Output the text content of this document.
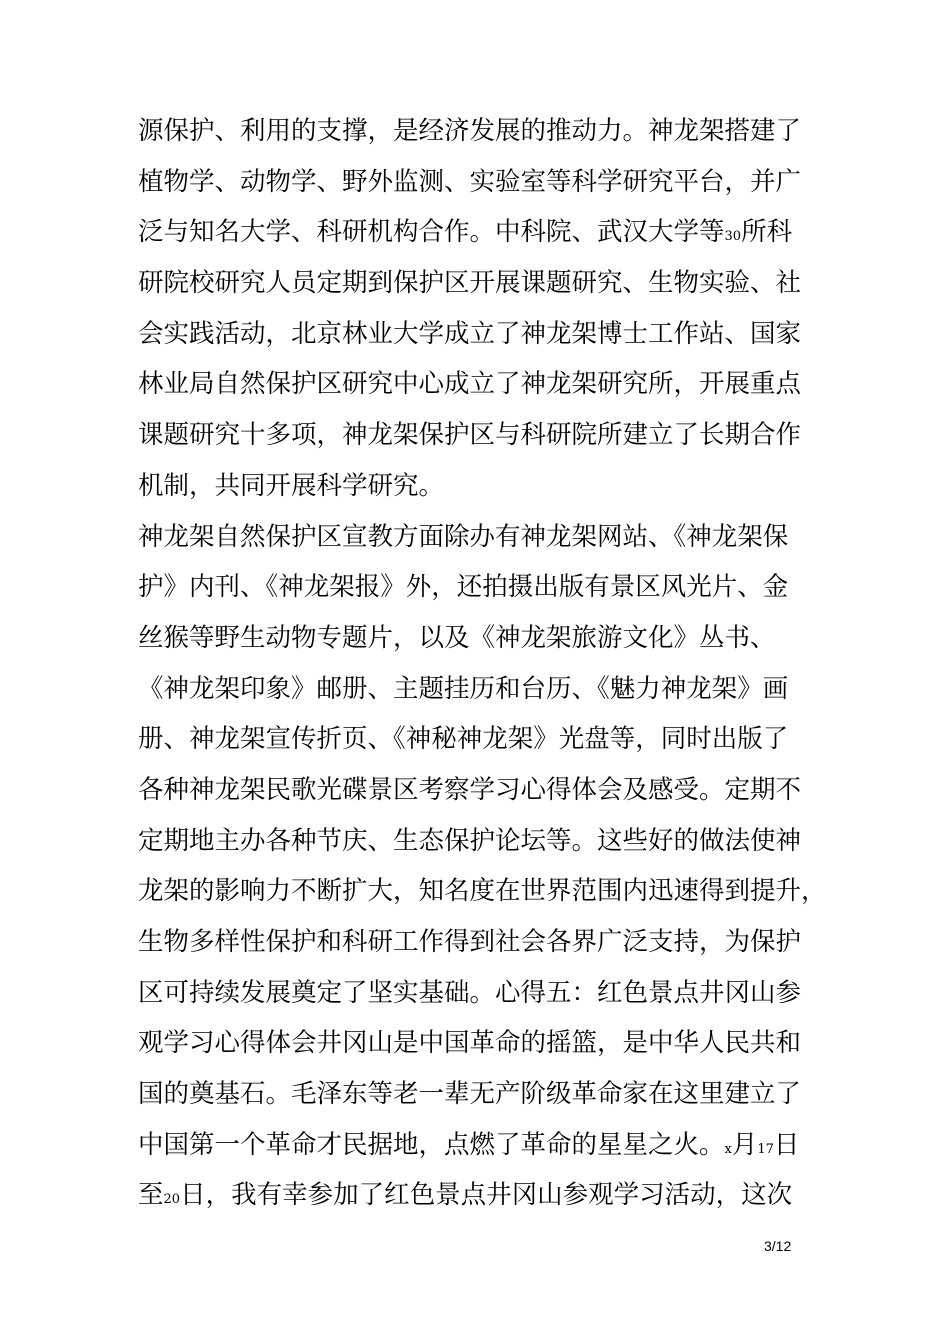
源保护、利用的支撑，是经济发展的推动力。神龙架搭建了
植物学、动物学、野外监测、实验室等科学研究平台，并广
泛与知名大学、科研机构合作。中科院、武汉大学等30所科
研院校研究人员定期到保护区开展课题研究、生物实验、社
会实践活动，北京林业大学成立了神龙架博士工作站、国家
林业局自然保护区研究中心成立了神龙架研究所，开展重点
课题研究十多项，神龙架保护区与科研院所建立了长期合作
机制，共同开展科学研究。
神龙架自然保护区宣教方面除办有神龙架网站、《神龙架保
护》内刊、《神龙架报》外，还拍摄出版有景区风光片、金
丝猴等野生动物专题片，以及《神龙架旅游文化》丛书、
《神龙架印象》邮册、主题挂历和台历、《魅力神龙架》画
册、神龙架宣传折页、《神秘神龙架》光盘等，同时出版了
各种神龙架民歌光碟景区考察学习心得体会及感受。定期不
定期地主办各种节庆、生态保护论坛等。这些好的做法使神
龙架的影响力不断扩大，知名度在世界范围内迅速得到提升，
生物多样性保护和科研工作得到社会各界广泛支持，为保护
区可持续发展奠定了坚实基础。心得五：红色景点井冈山参
观学习心得体会井冈山是中国革命的摇篮，是中华人民共和
国的奠基石。毛泽东等老一辈无产阶级革命家在这里建立了
中国第一个革命才民据地，点燃了革命的星星之火。x月17日
至20日，我有幸参加了红色景点井冈山参观学习活动，这次
3/12
